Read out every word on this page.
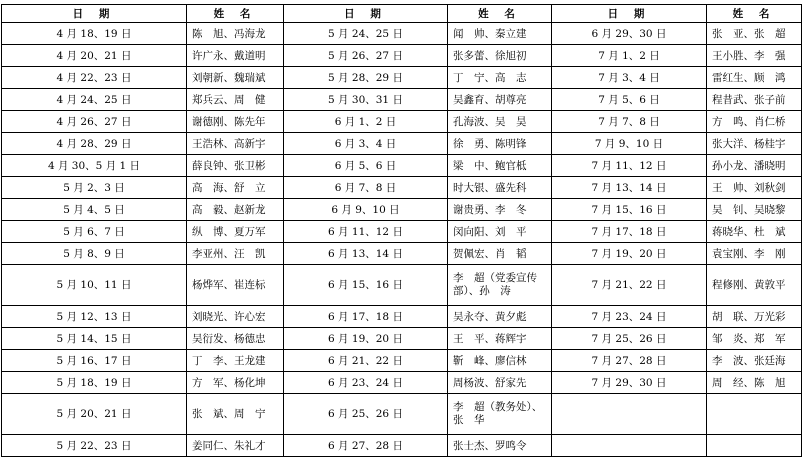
日 期	姓 名	日 期	姓 名	日 期	姓 名
4 月 18、19 日	陈　旭、冯海龙	5 月 24、25 日	闻　帅、秦立建	6 月 29、30 日	张　亚、张　超
4 月 20、21 日	许广永、戴道明	5 月 26、27 日	张多蕾、徐旭初	7 月 1、2 日	王小胜、李　强
4 月 22、23 日	刘朝新、魏瑞斌	5 月 28、29 日	丁　宁、高　志	7 月 3、4 日	雷红生、顾　鸿
4 月 24、25 日	郑兵云、周　健	5 月 30、31 日	吴鑫育、胡尊亮	7 月 5、6 日	程昔武、张子前
4 月 26、27 日	谢德刚、陈先年	6 月 1、2 日	孔海波、吴　昊	7 月 7、8 日	方　鸣、肖仁桥
4 月 28、29 日	王浩林、高新宇	6 月 3、4 日	徐　勇、陈明锋	7 月 9、10 日	张大洋、杨桂宇
4 月 30、5 月 1 日	薛良钟、张卫彬	6 月 5、6 日	梁　中、鲍官柢	7 月 11、12 日	孙小龙、潘晓明
5 月 2、3 日	高　海、舒　立	6 月 7、8 日	时大银、盛先科	7 月 13、14 日	王　帅、刘秋剑
5 月 4、5 日	高　毅、赵新龙	6 月 9、10 日	谢贵勇、李　冬	7 月 15、16 日	吴　钊、吴晓黎
5 月 6、7 日	纵　博、夏万军	6 月 11、12 日	闵向阳、刘　平	7 月 17、18 日	蒋晓华、杜　斌
5 月 8、9 日	李亚州、汪　凯	6 月 13、14 日	贺佩宏、肖　韬	7 月 19、20 日	袁宝刚、李　刚
5 月 10、11 日	杨烨军、崔连标	6 月 15、16 日	李　超（党委宣传部）、孙　涛	7 月 21、22 日	程修刚、黄敦平
5 月 12、13 日	刘晓光、许心宏	6 月 17、18 日	吴永夺、黄夕彪	7 月 23、24 日	胡　联、万光彩
5 月 14、15 日	吴衍发、杨德忠	6 月 19、20 日	王　平、蒋辉宇	7 月 25、26 日	邹　炎、郑　军
5 月 16、17 日	丁　李、王龙建	6 月 21、22 日	靳　峰、廖信林	7 月 27、28 日	李　波、张廷海
5 月 18、19 日	方　军、杨化坤	6 月 23、24 日	周杨波、舒家先	7 月 29、30 日	周　经、陈　旭
5 月 20、21 日	张　斌、周　宁	6 月 25、26 日	李　超（教务处）、张　华		
5 月 22、23 日	姜同仁、朱礼才	6 月 27、28 日	张士杰、罗鸣令		
